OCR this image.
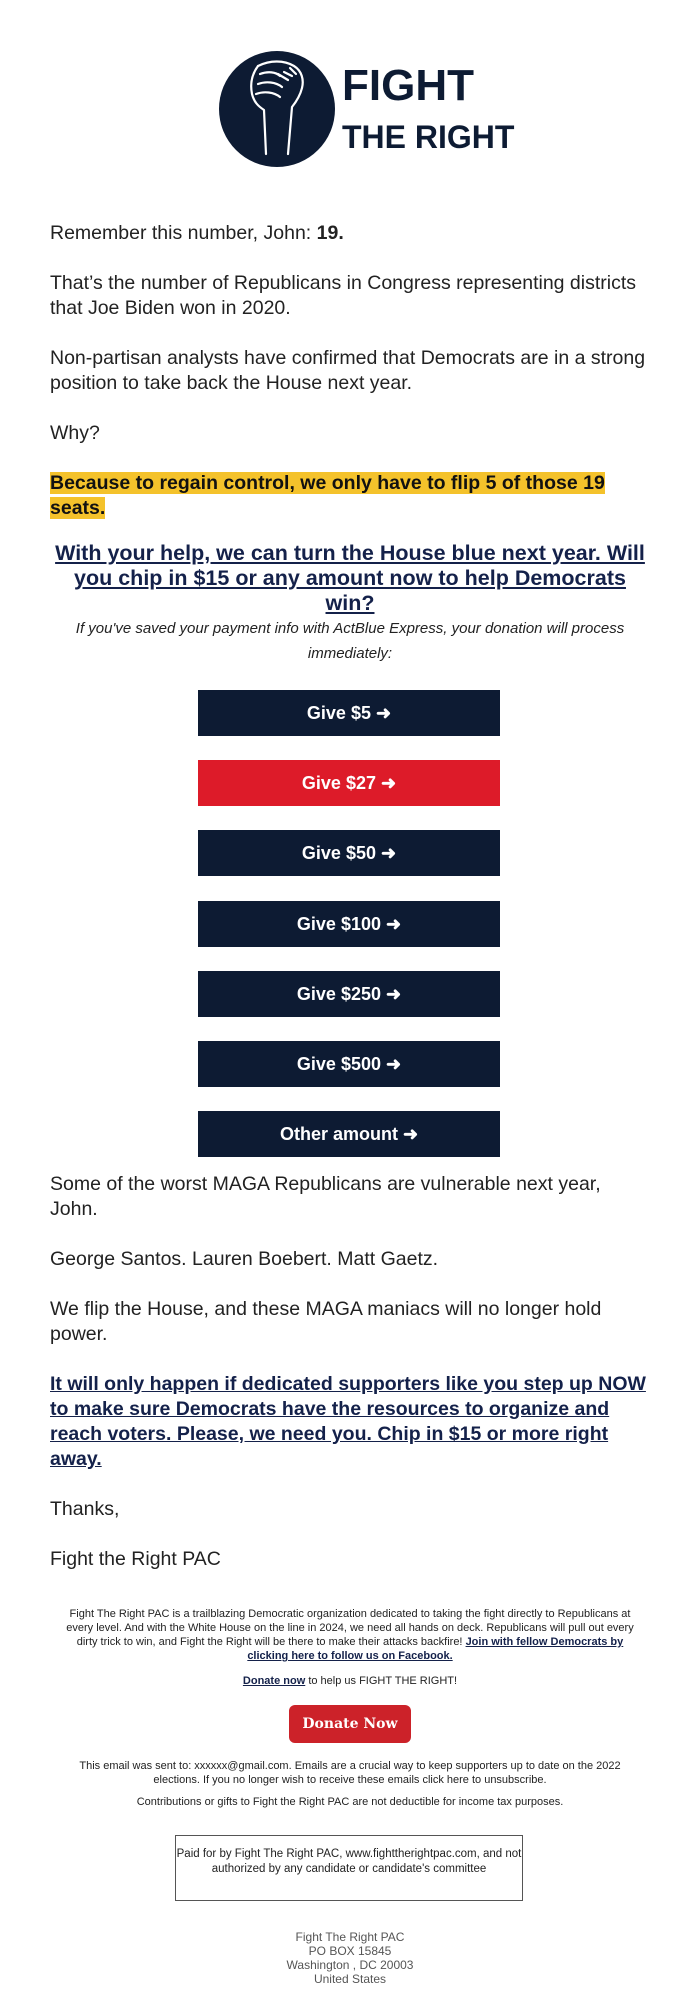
FIGHT
THE RIGHT

Remember this number, John: 19.

That’s the number of Republicans in Congress representing districts that Joe Biden won in 2020.

Non-partisan analysts have confirmed that Democrats are in a strong position to take back the House next year.

Why?

Because to regain control, we only have to flip 5 of those 19 seats.

With your help, we can turn the House blue next year. Will you chip in $15 or any amount now to help Democrats win?
If you've saved your payment info with ActBlue Express, your donation will process immediately:
Give $5 ➜
Give $27 ➜
Give $50 ➜
Give $100 ➜
Give $250 ➜
Give $500 ➜
Other amount ➜

Some of the worst MAGA Republicans are vulnerable next year, John.

George Santos. Lauren Boebert. Matt Gaetz.

We flip the House, and these MAGA maniacs will no longer hold power.

It will only happen if dedicated supporters like you step up NOW to make sure Democrats have the resources to organize and reach voters. Please, we need you. Chip in $15 or more right away.

Thanks,

Fight the Right PAC

Fight The Right PAC is a trailblazing Democratic organization dedicated to taking the fight directly to Republicans at every level. And with the White House on the line in 2024, we need all hands on deck. Republicans will pull out every dirty trick to win, and Fight the Right will be there to make their attacks backfire! Join with fellow Democrats by clicking here to follow us on Facebook.
Donate now to help us FIGHT THE RIGHT!
Donate Now
This email was sent to: xxxxxx@gmail.com. Emails are a crucial way to keep supporters up to date on the 2022 elections. If you no longer wish to receive these emails click here to unsubscribe.
Contributions or gifts to Fight the Right PAC are not deductible for income tax purposes.
Paid for by Fight The Right PAC, www.fighttherightpac.com, and not authorized by any candidate or candidate's committee
Fight The Right PAC
PO BOX 15845
Washington , DC 20003
United States
